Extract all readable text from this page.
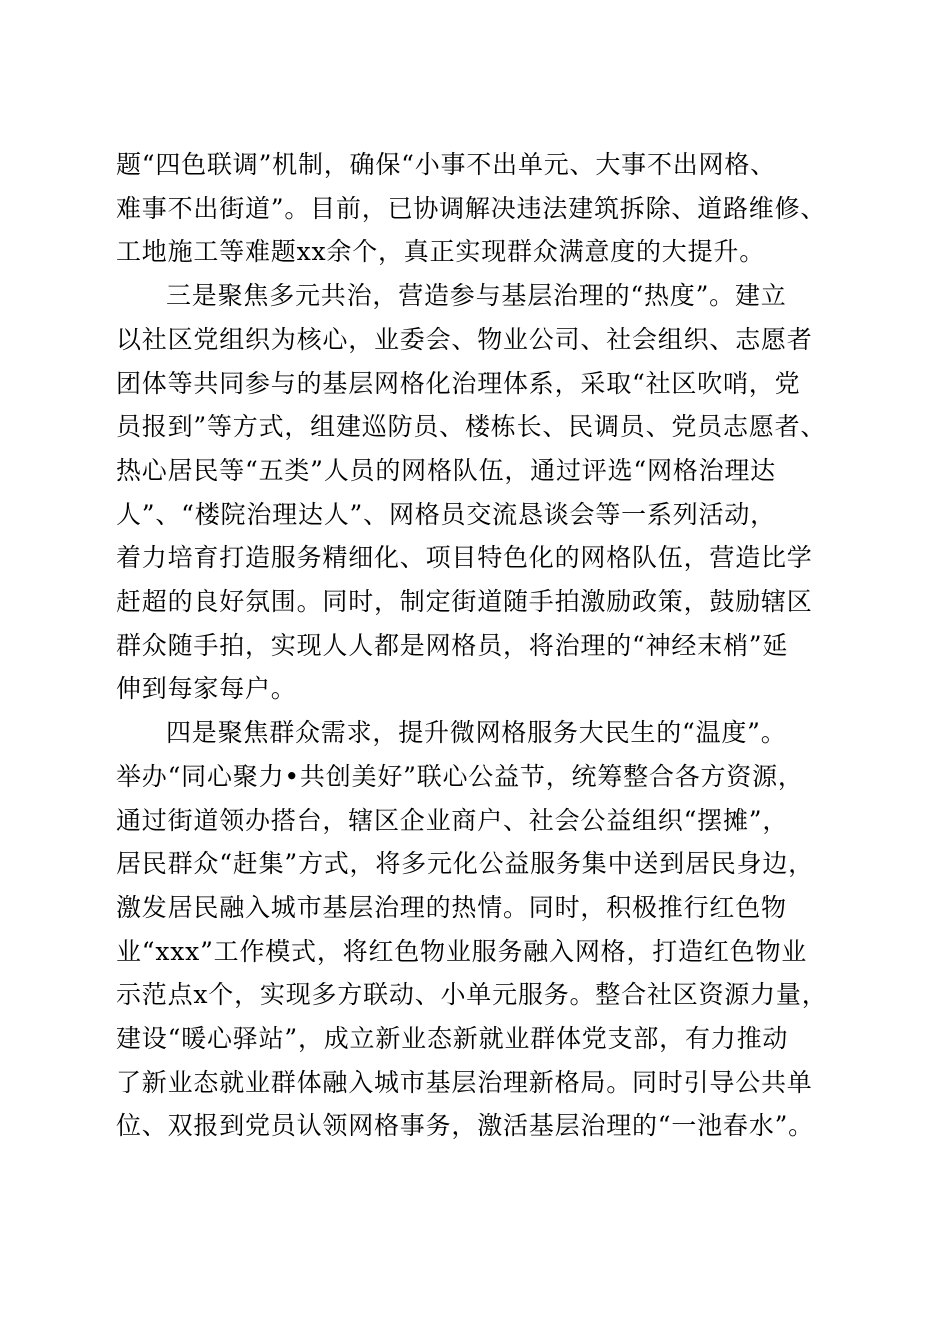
题“四色联调”机制，确保“小事不出单元、大事不出网格、
难事不出街道”。目前，已协调解决违法建筑拆除、道路维修、
工地施工等难题xx余个，真正实现群众满意度的大提升。

三是聚焦多元共治，营造参与基层治理的“热度”。建立
以社区党组织为核心，业委会、物业公司、社会组织、志愿者
团体等共同参与的基层网格化治理体系，采取“社区吹哨，党
员报到”等方式，组建巡防员、楼栋长、民调员、党员志愿者、
热心居民等“五类”人员的网格队伍，通过评选“网格治理达
人”、“楼院治理达人”、网格员交流恳谈会等一系列活动，
着力培育打造服务精细化、项目特色化的网格队伍，营造比学
赶超的良好氛围。同时，制定街道随手拍激励政策，鼓励辖区
群众随手拍，实现人人都是网格员，将治理的“神经末梢”延
伸到每家每户。

四是聚焦群众需求，提升微网格服务大民生的“温度”。
举办“同心聚力•共创美好”联心公益节，统筹整合各方资源，
通过街道领办搭台，辖区企业商户、社会公益组织“摆摊”，
居民群众“赶集”方式，将多元化公益服务集中送到居民身边，
激发居民融入城市基层治理的热情。同时，积极推行红色物
业“xxx”工作模式，将红色物业服务融入网格，打造红色物业
示范点x个，实现多方联动、小单元服务。整合社区资源力量，
建设“暖心驿站”，成立新业态新就业群体党支部，有力推动
了新业态就业群体融入城市基层治理新格局。同时引导公共单
位、双报到党员认领网格事务，激活基层治理的“一池春水”。
